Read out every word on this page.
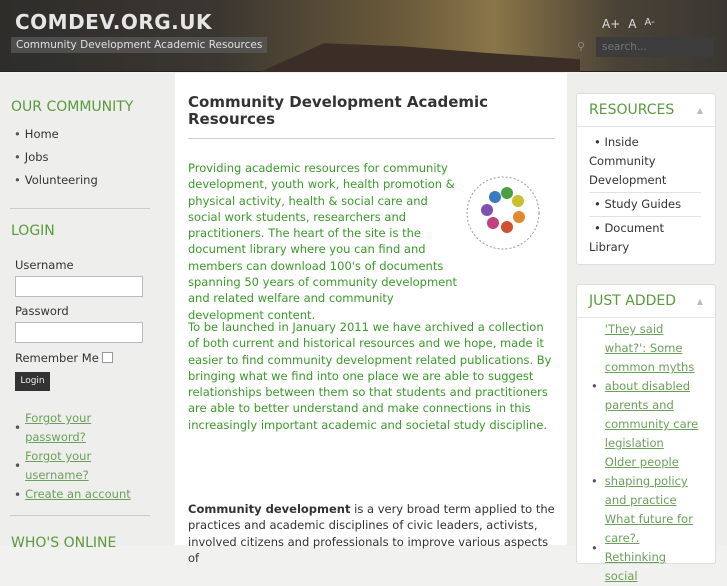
COMDEV.ORG.UK
Community Development Academic Resources
A+ A A-
⚲
search...
OUR COMMUNITY
• Home
• Jobs
• Volunteering
LOGIN
Username
Password
Remember Me
Login
•
Forgot your password?
•
Forgot your username?
• Create an account
WHO'S ONLINE
Community Development Academic Resources
Providing academic resources for community development, youth work, health promotion & physical activity, health & social care and social work students, researchers and practitioners. The heart of the site is the document library where you can find and members can download 100's of documents spanning 50 years of community development and related welfare and community development content.
To be launched in January 2011 we have archived a collection of both current and historical resources and we hope, made it easier to find community development related publications. By bringing what we find into one place we are able to suggest relationships between them so that students and practitioners are able to better understand and make connections in this increasingly important academic and societal study discipline.
Community development is a very broad term applied to the practices and academic disciplines of civic leaders, activists, involved citizens and professionals to improve various aspects of
RESOURCES	▲
• Inside Community Development
• Study Guides
• Document Library
JUST ADDED	▲
• 'They said what?': Some common myths about disabled parents and community care legislation
• Older people shaping policy and practice
• What future for care?. Rethinking social
